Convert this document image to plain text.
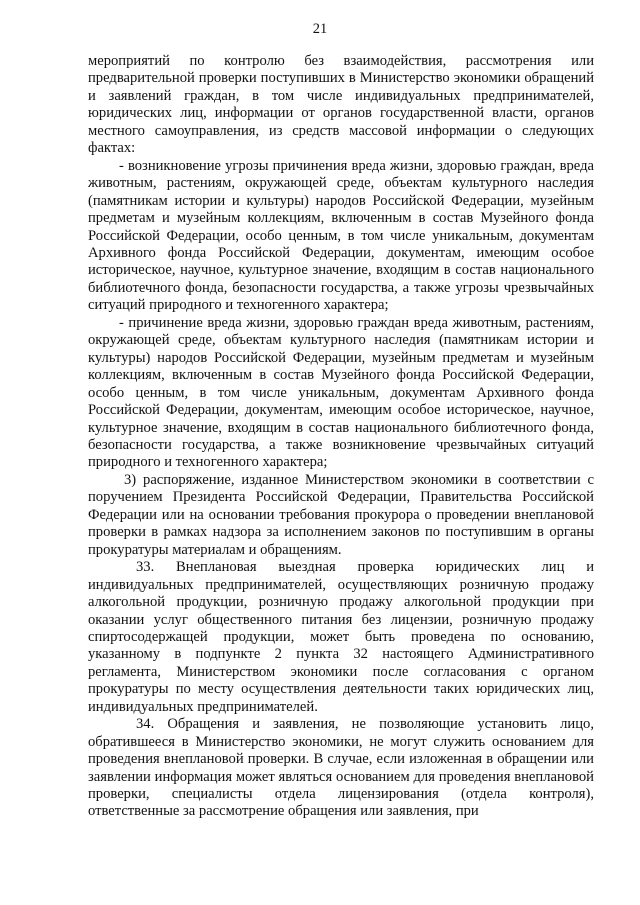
21

мероприятий по контролю без взаимодействия, рассмотрения или предварительной проверки поступивших в Министерство экономики обращений и заявлений граждан, в том числе индивидуальных предпринимателей, юридических лиц, информации от органов государственной власти, органов местного самоуправления, из средств массовой информации о следующих фактах:

- возникновение угрозы причинения вреда жизни, здоровью граждан, вреда животным, растениям, окружающей среде, объектам культурного наследия (памятникам истории и культуры) народов Российской Федерации, музейным предметам и музейным коллекциям, включенным в состав Музейного фонда Российской Федерации, особо ценным, в том числе уникальным, документам Архивного фонда Российской Федерации, документам, имеющим особое историческое, научное, культурное значение, входящим в состав национального библиотечного фонда, безопасности государства, а также угрозы чрезвычайных ситуаций природного и техногенного характера;

- причинение вреда жизни, здоровью граждан вреда животным, растениям, окружающей среде, объектам культурного наследия (памятникам истории и культуры) народов Российской Федерации, музейным предметам и музейным коллекциям, включенным в состав Музейного фонда Российской Федерации, особо ценным, в том числе уникальным, документам Архивного фонда Российской Федерации, документам, имеющим особое историческое, научное, культурное значение, входящим в состав национального библиотечного фонда, безопасности государства, а также возникновение чрезвычайных ситуаций природного и техногенного характера;

3) распоряжение, изданное Министерством экономики в соответствии с поручением Президента Российской Федерации, Правительства Российской Федерации или на основании требования прокурора о проведении внеплановой проверки в рамках надзора за исполнением законов по поступившим в органы прокуратуры материалам и обращениям.

33. Внеплановая выездная проверка юридических лиц и индивидуальных предпринимателей, осуществляющих розничную продажу алкогольной продукции, розничную продажу алкогольной продукции при оказании услуг общественного питания без лицензии, розничную продажу спиртосодержащей продукции, может быть проведена по основанию, указанному в подпункте 2 пункта 32 настоящего Административного регламента, Министерством экономики после согласования с органом прокуратуры по месту осуществления деятельности таких юридических лиц, индивидуальных предпринимателей.

34. Обращения и заявления, не позволяющие установить лицо, обратившееся в Министерство экономики, не могут служить основанием для проведения внеплановой проверки. В случае, если изложенная в обращении или заявлении информация может являться основанием для проведения внеплановой проверки, специалисты отдела лицензирования (отдела контроля), ответственные за рассмотрение обращения или заявления, при
